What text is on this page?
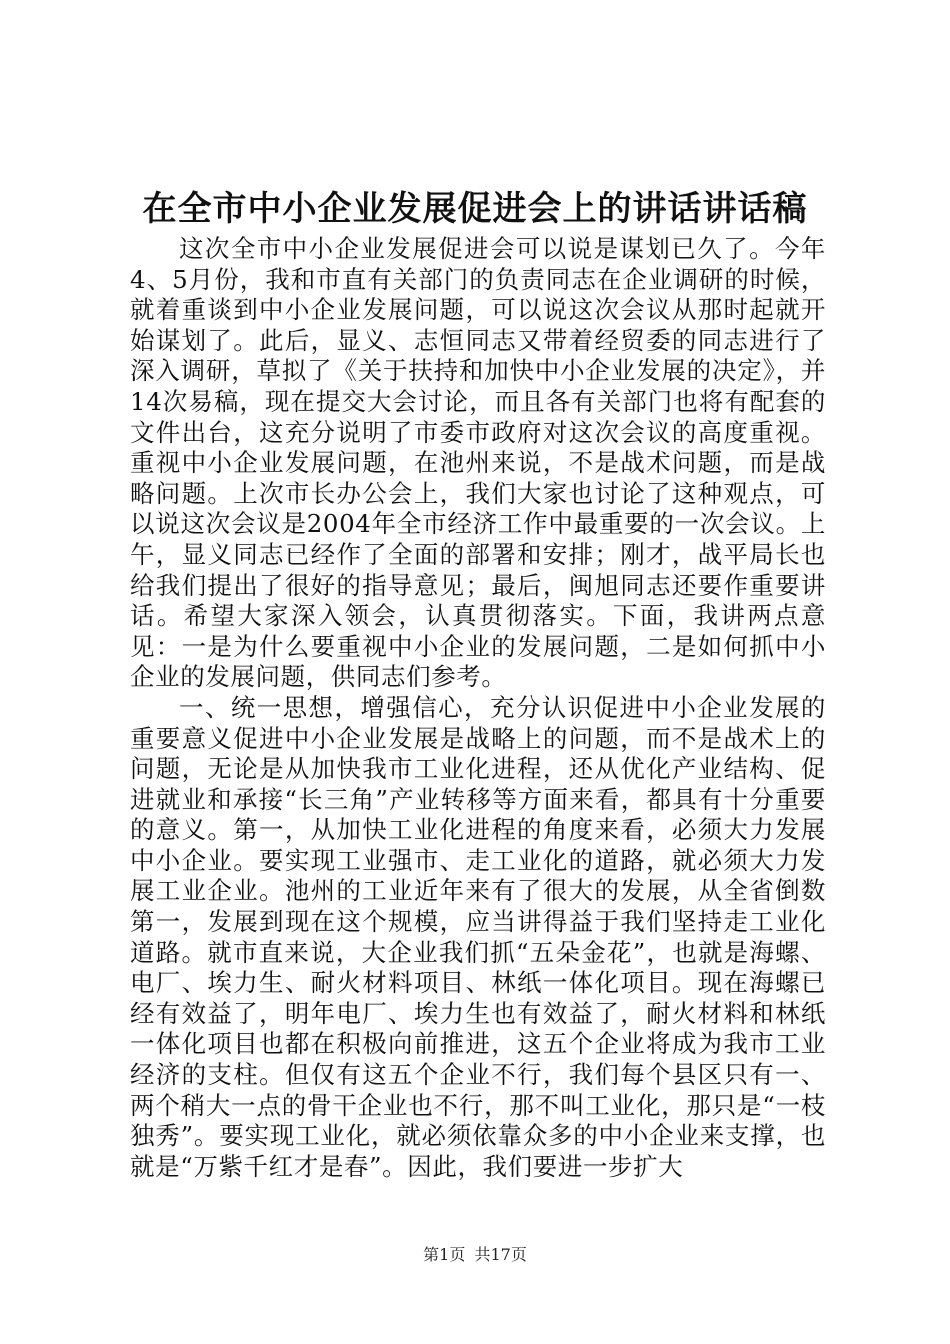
在全市中小企业发展促进会上的讲话讲话稿

这次全市中小企业发展促进会可以说是谋划已久了。今年4、5月份，我和市直有关部门的负责同志在企业调研的时候，就着重谈到中小企业发展问题，可以说这次会议从那时起就开始谋划了。此后，显义、志恒同志又带着经贸委的同志进行了深入调研，草拟了《关于扶持和加快中小企业发展的决定》，并14次易稿，现在提交大会讨论，而且各有关部门也将有配套的文件出台，这充分说明了市委市政府对这次会议的高度重视。重视中小企业发展问题，在池州来说，不是战术问题，而是战略问题。上次市长办公会上，我们大家也讨论了这种观点，可以说这次会议是2004年全市经济工作中最重要的一次会议。上午，显义同志已经作了全面的部署和安排；刚才，战平局长也给我们提出了很好的指导意见；最后，闽旭同志还要作重要讲话。希望大家深入领会，认真贯彻落实。下面，我讲两点意见：一是为什么要重视中小企业的发展问题，二是如何抓中小企业的发展问题，供同志们参考。

一、统一思想，增强信心，充分认识促进中小企业发展的重要意义促进中小企业发展是战略上的问题，而不是战术上的问题，无论是从加快我市工业化进程，还从优化产业结构、促进就业和承接“长三角”产业转移等方面来看，都具有十分重要的意义。第一，从加快工业化进程的角度来看，必须大力发展中小企业。要实现工业强市、走工业化的道路，就必须大力发展工业企业。池州的工业近年来有了很大的发展，从全省倒数第一，发展到现在这个规模，应当讲得益于我们坚持走工业化道路。就市直来说，大企业我们抓“五朵金花”，也就是海螺、电厂、埃力生、耐火材料项目、林纸一体化项目。现在海螺已经有效益了，明年电厂、埃力生也有效益了，耐火材料和林纸一体化项目也都在积极向前推进，这五个企业将成为我市工业经济的支柱。但仅有这五个企业不行，我们每个县区只有一、两个稍大一点的骨干企业也不行，那不叫工业化，那只是“一枝独秀”。要实现工业化，就必须依靠众多的中小企业来支撑，也就是“万紫千红才是春”。因此，我们要进一步扩大

第1页 共17页
